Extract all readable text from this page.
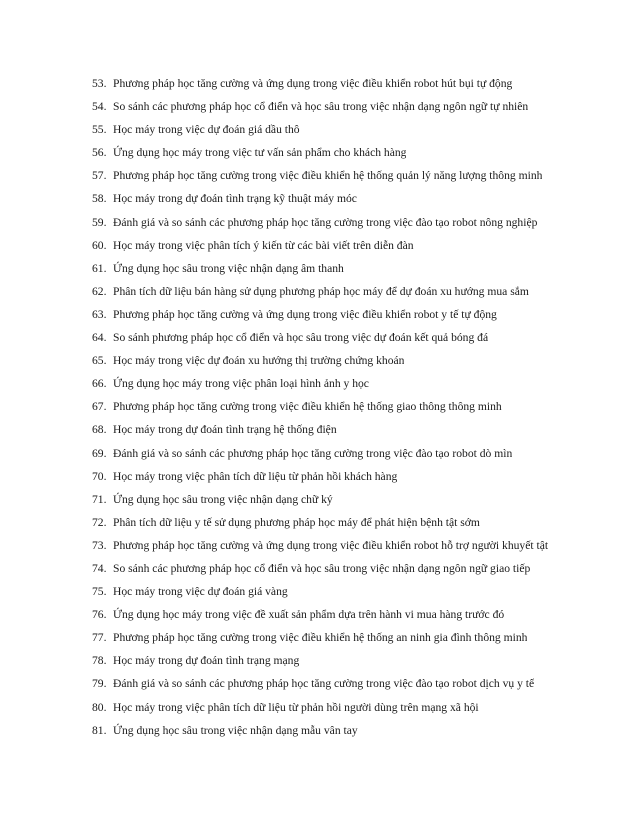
53. Phương pháp học tăng cường và ứng dụng trong việc điều khiển robot hút bụi tự động
54. So sánh các phương pháp học cổ điển và học sâu trong việc nhận dạng ngôn ngữ tự nhiên
55. Học máy trong việc dự đoán giá dầu thô
56. Ứng dụng học máy trong việc tư vấn sản phẩm cho khách hàng
57. Phương pháp học tăng cường trong việc điều khiển hệ thống quản lý năng lượng thông minh
58. Học máy trong dự đoán tình trạng kỹ thuật máy móc
59. Đánh giá và so sánh các phương pháp học tăng cường trong việc đào tạo robot nông nghiệp
60. Học máy trong việc phân tích ý kiến từ các bài viết trên diễn đàn
61. Ứng dụng học sâu trong việc nhận dạng âm thanh
62. Phân tích dữ liệu bán hàng sử dụng phương pháp học máy để dự đoán xu hướng mua sắm
63. Phương pháp học tăng cường và ứng dụng trong việc điều khiển robot y tế tự động
64. So sánh phương pháp học cổ điển và học sâu trong việc dự đoán kết quả bóng đá
65. Học máy trong việc dự đoán xu hướng thị trường chứng khoán
66. Ứng dụng học máy trong việc phân loại hình ảnh y học
67. Phương pháp học tăng cường trong việc điều khiển hệ thống giao thông thông minh
68. Học máy trong dự đoán tình trạng hệ thống điện
69. Đánh giá và so sánh các phương pháp học tăng cường trong việc đào tạo robot dò mìn
70. Học máy trong việc phân tích dữ liệu từ phản hồi khách hàng
71. Ứng dụng học sâu trong việc nhận dạng chữ ký
72. Phân tích dữ liệu y tế sử dụng phương pháp học máy để phát hiện bệnh tật sớm
73. Phương pháp học tăng cường và ứng dụng trong việc điều khiển robot hỗ trợ người khuyết tật
74. So sánh các phương pháp học cổ điển và học sâu trong việc nhận dạng ngôn ngữ giao tiếp
75. Học máy trong việc dự đoán giá vàng
76. Ứng dụng học máy trong việc đề xuất sản phẩm dựa trên hành vi mua hàng trước đó
77. Phương pháp học tăng cường trong việc điều khiển hệ thống an ninh gia đình thông minh
78. Học máy trong dự đoán tình trạng mạng
79. Đánh giá và so sánh các phương pháp học tăng cường trong việc đào tạo robot dịch vụ y tế
80. Học máy trong việc phân tích dữ liệu từ phản hồi người dùng trên mạng xã hội
81. Ứng dụng học sâu trong việc nhận dạng mẫu vân tay
